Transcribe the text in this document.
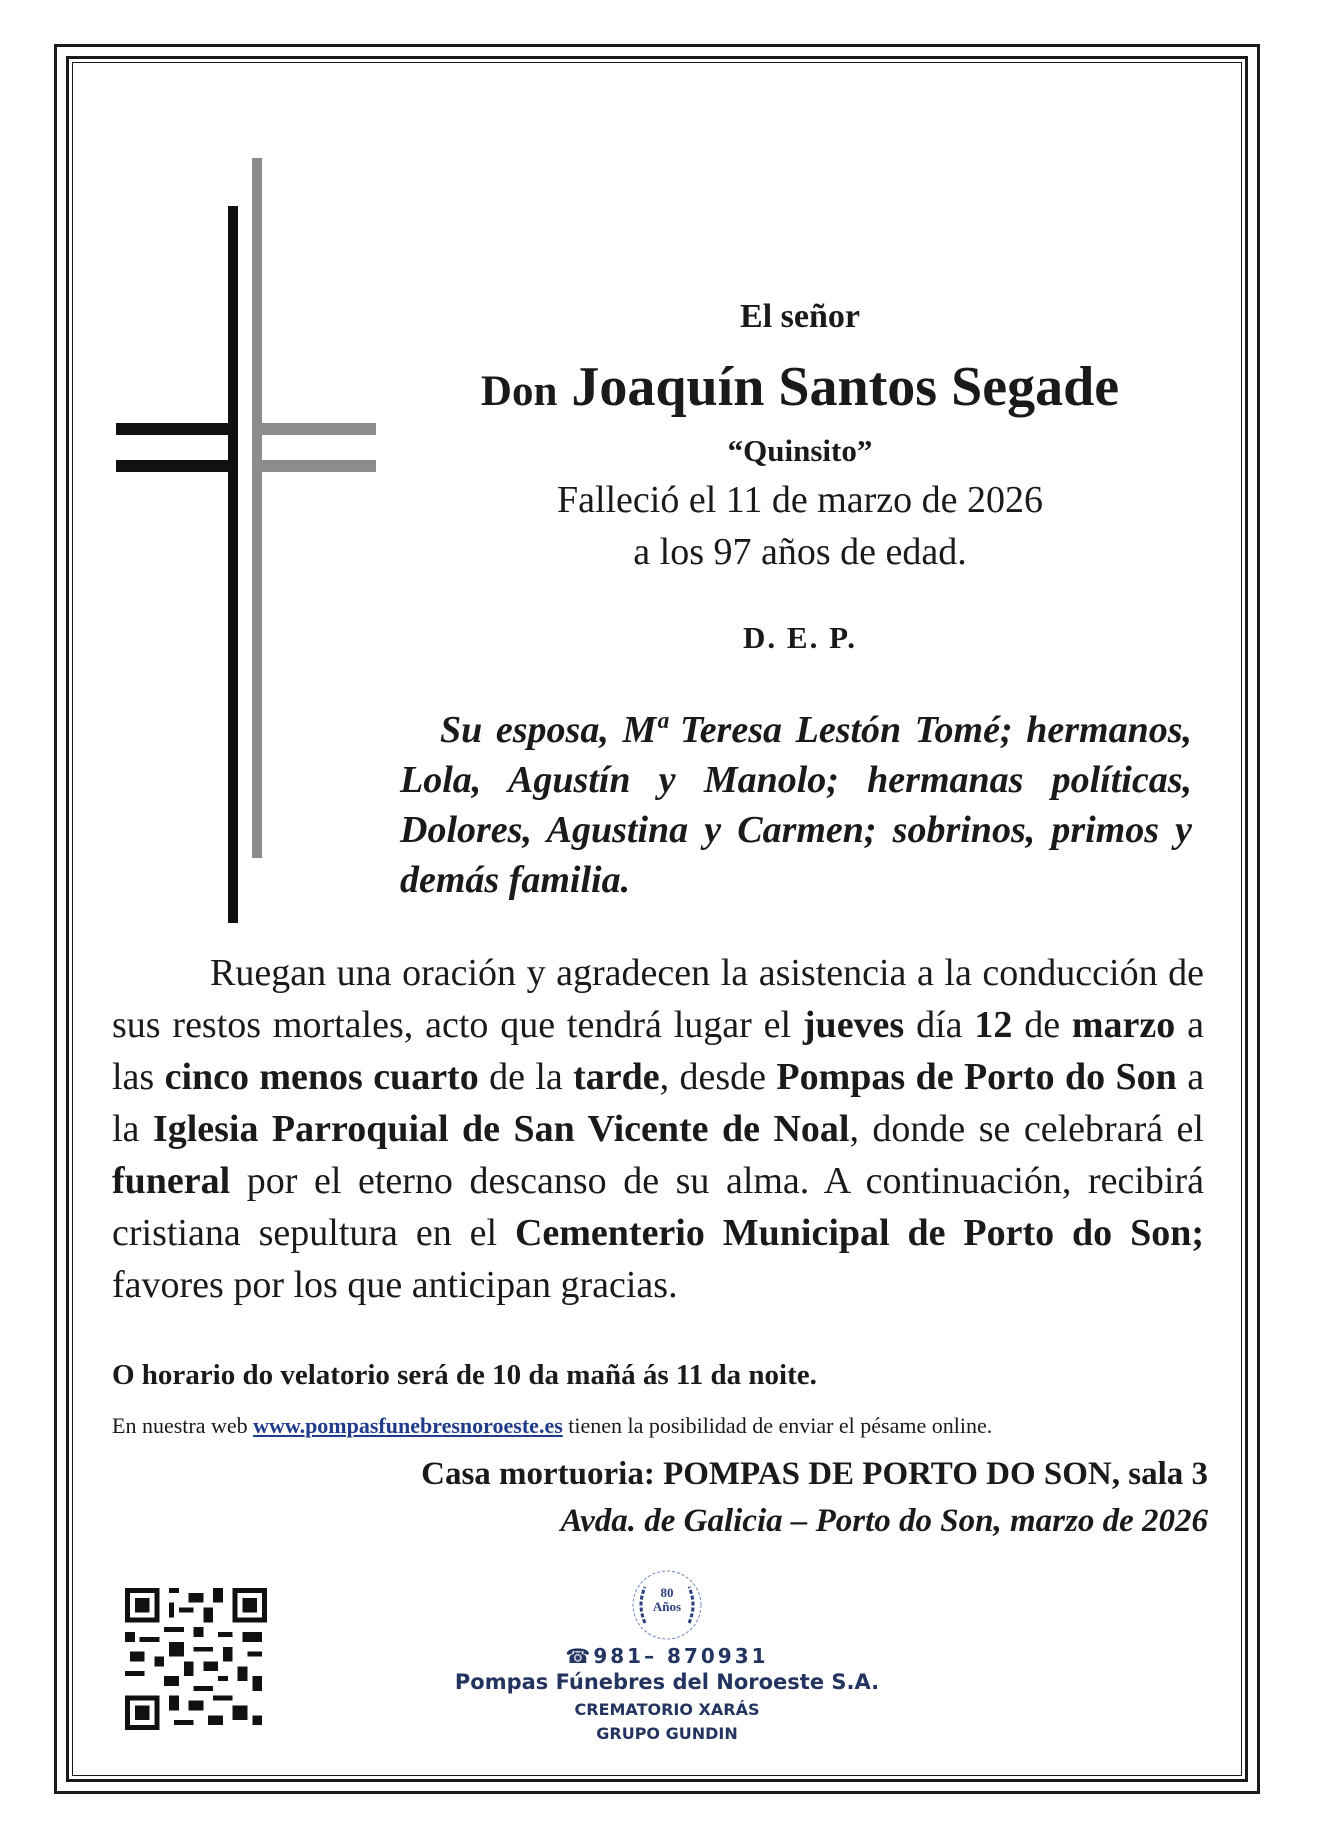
El señor
Don Joaquín Santos Segade
“Quinsito”
Falleció el 11 de marzo de 2026
a los 97 años de edad.
D. E. P.
Su esposa, Mª Teresa Lestón Tomé; hermanos, Lola, Agustín y Manolo; hermanas políticas, Dolores, Agustina y Carmen; sobrinos, primos y demás familia.
Ruegan una oración y agradecen la asistencia a la conducción de sus restos mortales, acto que tendrá lugar el jueves día 12 de marzo a las cinco menos cuarto de la tarde, desde Pompas de Porto do Son a la Iglesia Parroquial de San Vicente de Noal, donde se celebrará el funeral por el eterno descanso de su alma. A continuación, recibirá cristiana sepultura en el Cementerio Municipal de Porto do Son; favores por los que anticipan gracias.
O horario do velatorio será de 10 da mañá ás 11 da noite.
En nuestra web www.pompasfunebresnoroeste.es tienen la posibilidad de enviar el pésame online.
Casa mortuoria: POMPAS DE PORTO DO SON, sala 3
Avda. de Galicia – Porto do Son, marzo de 2026
80
Años
☎981– 870931
Pompas Fúnebres del Noroeste S.A.
CREMATORIO XARÁS
GRUPO GUNDIN
